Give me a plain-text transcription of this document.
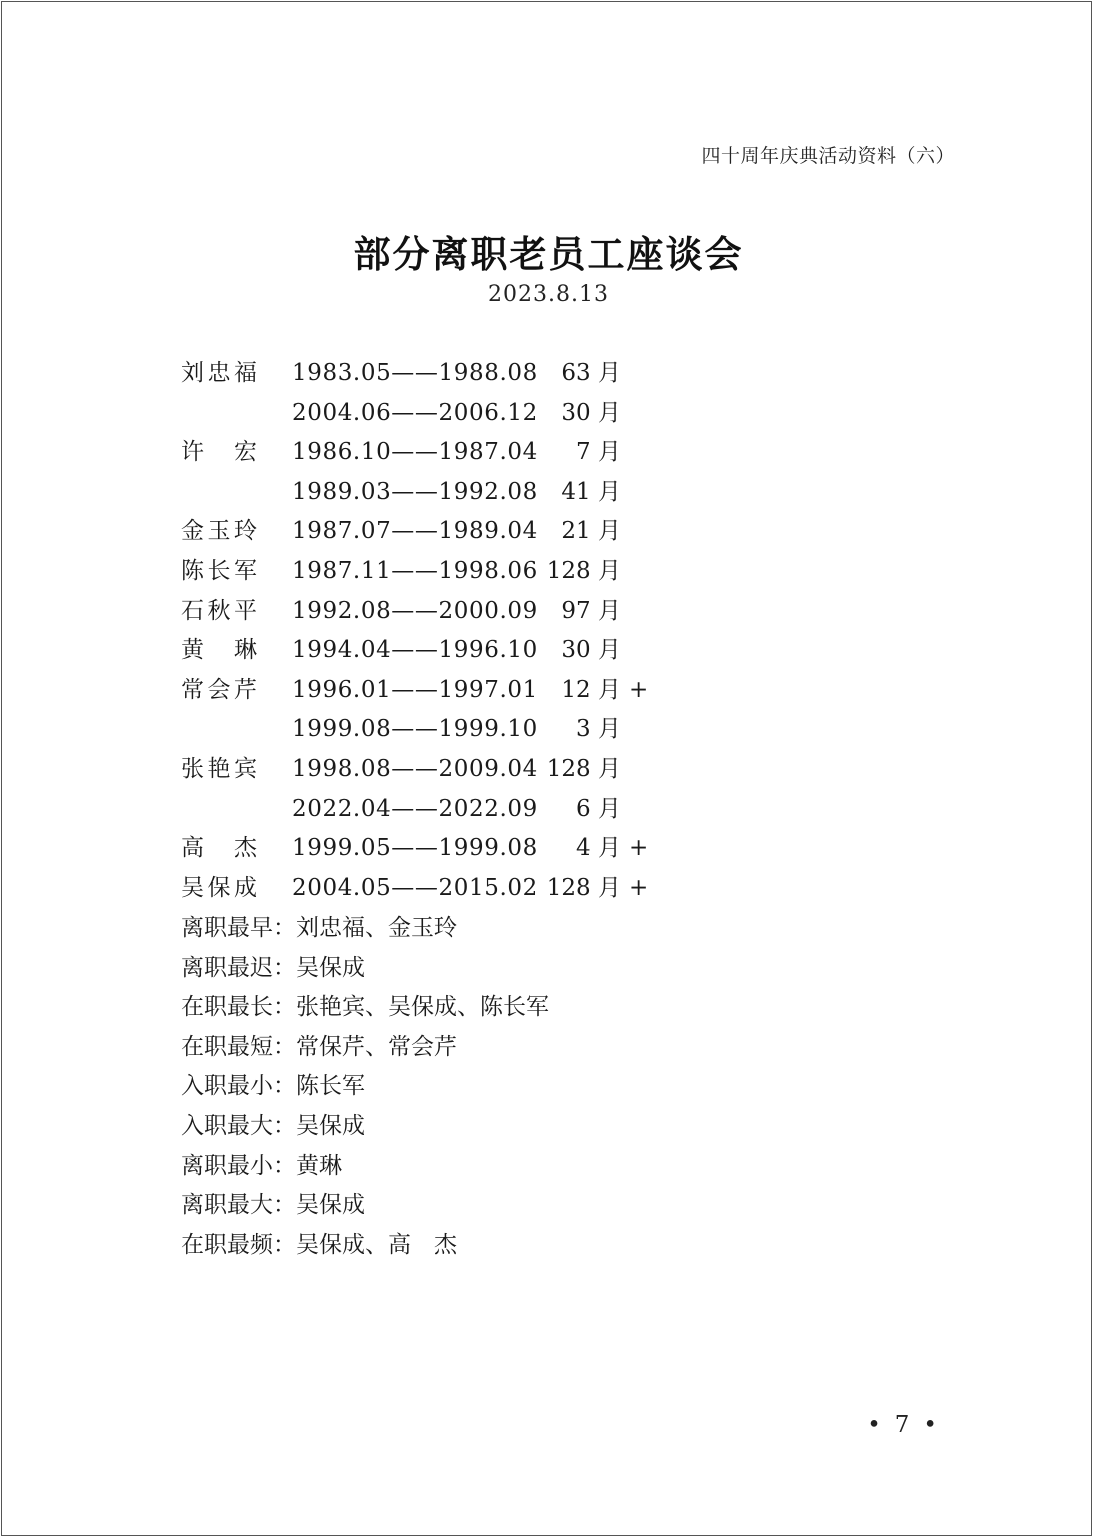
四十周年庆典活动资料（六）
部分离职老员工座谈会
2023.8.13
刘忠福 1983.05——1988.08	63 月
2004.06——2006.12	30 月
许宏 1986.10——1987.04	7 月
1989.03——1992.08	41 月
金玉玲 1987.07——1989.04	21 月
陈长军 1987.11——1998.06 128 月
石秋平 1992.08——2000.09	97 月
黄琳 1994.04——1996.10	30 月
常会芹 1996.01——1997.01	12 月 +
1999.08——1999.10	3 月
张艳宾 1998.08——2009.04 128 月
2022.04——2022.09	6 月
高杰 1999.05——1999.08	4 月 +
吴保成 2004.05——2015.02 128 月 +
离职最早：刘忠福、金玉玲
离职最迟：吴保成
在职最长：张艳宾、吴保成、陈长军
在职最短：常保芹、常会芹
入职最小：陈长军
入职最大：吴保成
离职最小：黄琳
离职最大：吴保成
在职最频：吴保成、高　杰
• 7 •
